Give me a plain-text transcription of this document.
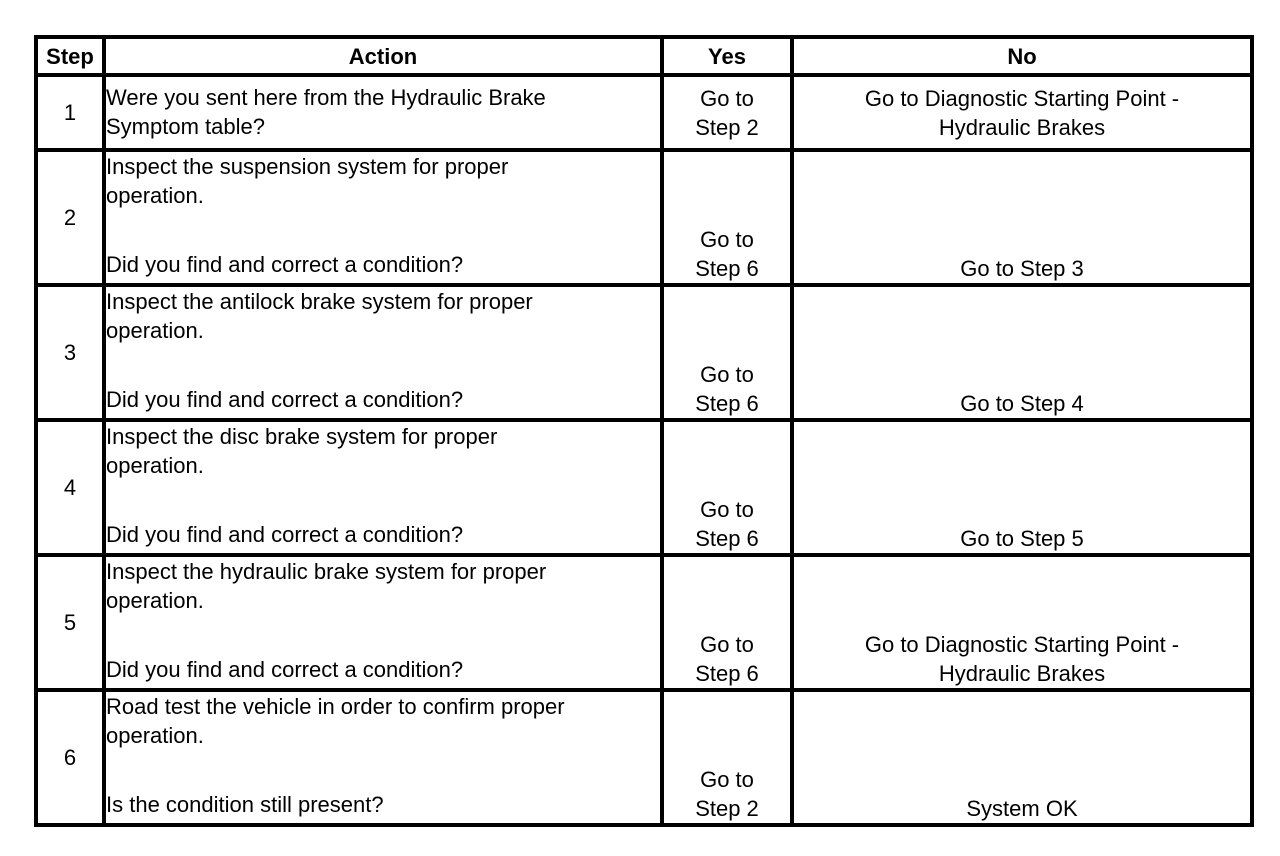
Step	Action	Yes	No
1	Were you sent here from the Hydraulic Brake
Symptom table?	Go to
Step 2	Go to Diagnostic Starting Point -
Hydraulic Brakes

2	Inspect the suspension system for proper
operation.
Did you find and correct a condition?	Go to
Step 6	Go to Step 3

3	Inspect the antilock brake system for proper
operation.
Did you find and correct a condition?	Go to
Step 6	Go to Step 4

4	Inspect the disc brake system for proper
operation.
Did you find and correct a condition?	Go to
Step 6	Go to Step 5

5	Inspect the hydraulic brake system for proper
operation.
Did you find and correct a condition?	Go to
Step 6	Go to Diagnostic Starting Point -
Hydraulic Brakes

6	Road test the vehicle in order to confirm proper
operation.
Is the condition still present?	Go to
Step 2	System OK
